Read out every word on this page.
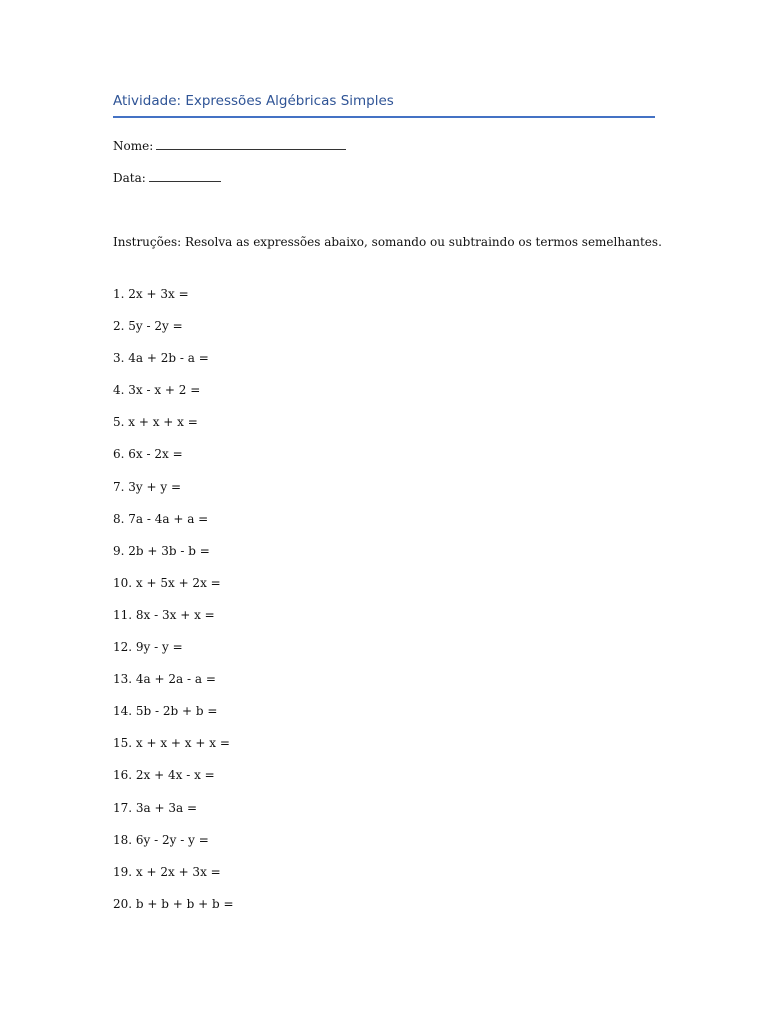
Atividade: Expressões Algébricas Simples
Nome:
Data:
Instruções: Resolva as expressões abaixo, somando ou subtraindo os termos semelhantes.
1. 2x + 3x =
2. 5y - 2y =
3. 4a + 2b - a =
4. 3x - x + 2 =
5. x + x + x =
6. 6x - 2x =
7. 3y + y =
8. 7a - 4a + a =
9. 2b + 3b - b =
10. x + 5x + 2x =
11. 8x - 3x + x =
12. 9y - y =
13. 4a + 2a - a =
14. 5b - 2b + b =
15. x + x + x + x =
16. 2x + 4x - x =
17. 3a + 3a =
18. 6y - 2y - y =
19. x + 2x + 3x =
20. b + b + b + b =
